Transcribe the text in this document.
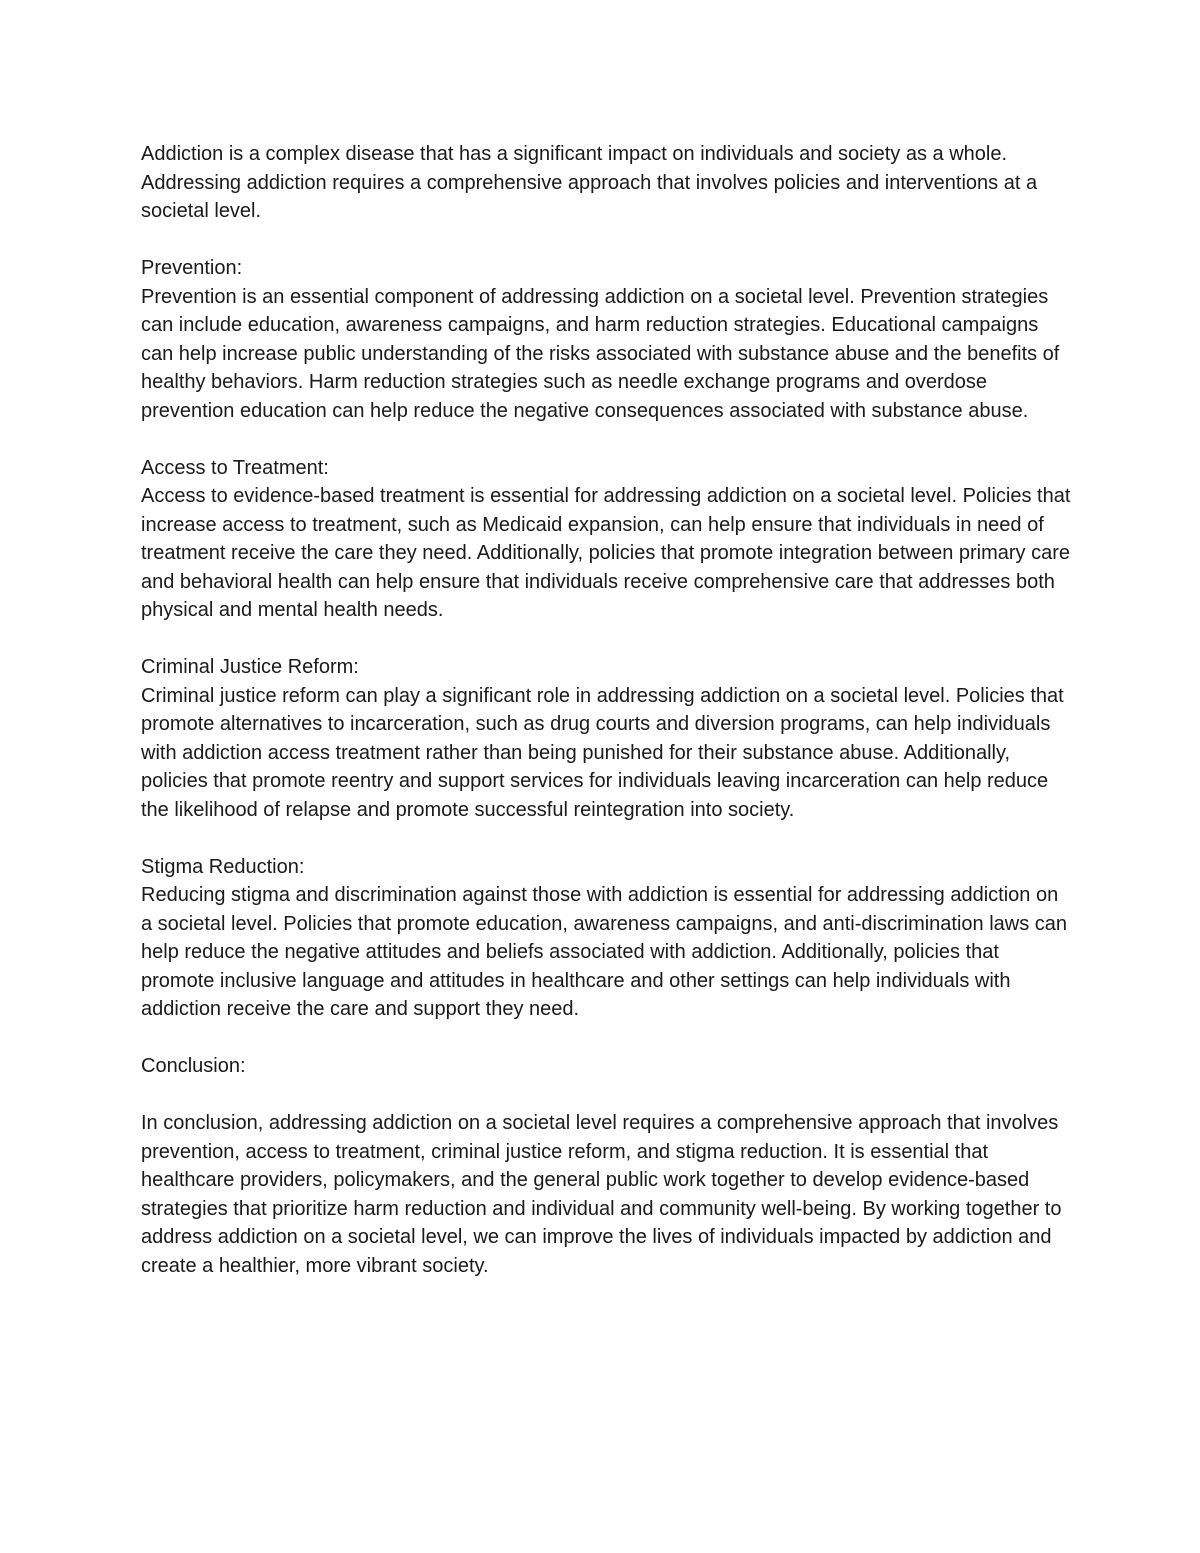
Addiction is a complex disease that has a significant impact on individuals and society as a whole. Addressing addiction requires a comprehensive approach that involves policies and interventions at a societal level.
Prevention:
Prevention is an essential component of addressing addiction on a societal level. Prevention strategies can include education, awareness campaigns, and harm reduction strategies. Educational campaigns can help increase public understanding of the risks associated with substance abuse and the benefits of healthy behaviors. Harm reduction strategies such as needle exchange programs and overdose prevention education can help reduce the negative consequences associated with substance abuse.
Access to Treatment:
Access to evidence-based treatment is essential for addressing addiction on a societal level. Policies that increase access to treatment, such as Medicaid expansion, can help ensure that individuals in need of treatment receive the care they need. Additionally, policies that promote integration between primary care and behavioral health can help ensure that individuals receive comprehensive care that addresses both physical and mental health needs.
Criminal Justice Reform:
Criminal justice reform can play a significant role in addressing addiction on a societal level. Policies that promote alternatives to incarceration, such as drug courts and diversion programs, can help individuals with addiction access treatment rather than being punished for their substance abuse. Additionally, policies that promote reentry and support services for individuals leaving incarceration can help reduce the likelihood of relapse and promote successful reintegration into society.
Stigma Reduction:
Reducing stigma and discrimination against those with addiction is essential for addressing addiction on a societal level. Policies that promote education, awareness campaigns, and anti-discrimination laws can help reduce the negative attitudes and beliefs associated with addiction. Additionally, policies that promote inclusive language and attitudes in healthcare and other settings can help individuals with addiction receive the care and support they need.
Conclusion:
In conclusion, addressing addiction on a societal level requires a comprehensive approach that involves prevention, access to treatment, criminal justice reform, and stigma reduction. It is essential that healthcare providers, policymakers, and the general public work together to develop evidence-based strategies that prioritize harm reduction and individual and community well-being. By working together to address addiction on a societal level, we can improve the lives of individuals impacted by addiction and create a healthier, more vibrant society.
